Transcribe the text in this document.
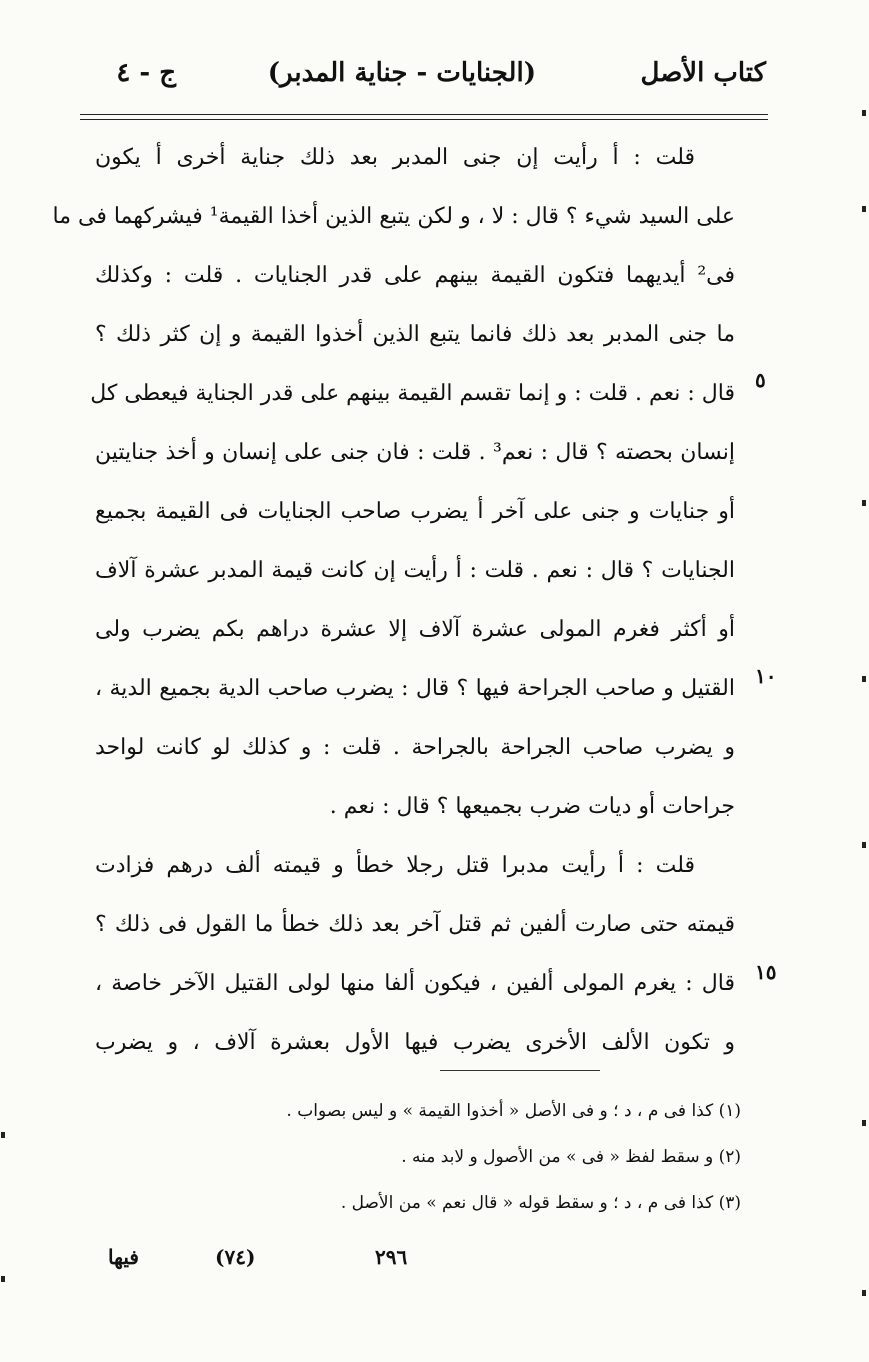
كتاب الأصل
(الجنايات - جناية المدبر)
ج - ٤
قلت : أ رأيت إن جنى المدبر بعد ذلك جناية أخرى أ يكون
على السيد شيء ؟ قال : لا ، و لكن يتبع الذين أخذا القيمة¹ فيشركهما فى ما
فى² أيديهما فتكون القيمة بينهم على قدر الجنايات . قلت : وكذلك
ما جنى المدبر بعد ذلك فانما يتبع الذين أخذوا القيمة و إن كثر ذلك ؟
قال : نعم . قلت : و إنما تقسم القيمة بينهم على قدر الجناية فيعطى كل
إنسان بحصته ؟ قال : نعم³ . قلت : فان جنى على إنسان و أخذ جنايتين
أو جنايات و جنى على آخر أ يضرب صاحب الجنايات فى القيمة بجميع
الجنايات ؟ قال : نعم . قلت : أ رأيت إن كانت قيمة المدبر عشرة آلاف
أو أكثر فغرم المولى عشرة آلاف إلا عشرة دراهم بكم يضرب ولى
القتيل و صاحب الجراحة فيها ؟ قال : يضرب صاحب الدية بجميع الدية ،
و يضرب صاحب الجراحة بالجراحة . قلت : و كذلك لو كانت لواحد
جراحات أو ديات ضرب بجميعها ؟ قال : نعم .
قلت : أ رأيت مدبرا قتل رجلا خطأ و قيمته ألف درهم فزادت
قيمته حتى صارت ألفين ثم قتل آخر بعد ذلك خطأ ما القول فى ذلك ؟
قال : يغرم المولى ألفين ، فيكون ألفا منها لولى القتيل الآخر خاصة ،
و تكون الألف الأخرى يضرب فيها الأول بعشرة آلاف ، و يضرب
٥
١٠
١٥
(١) كذا فى م ، د ؛ و فى الأصل « أخذوا القيمة » و ليس بصواب .
(٢) و سقط لفظ « فى » من الأصول و لابد منه .
(٣) كذا فى م ، د ؛ و سقط قوله « قال نعم » من الأصل .
٢٩٦
(٧٤)
فيها
